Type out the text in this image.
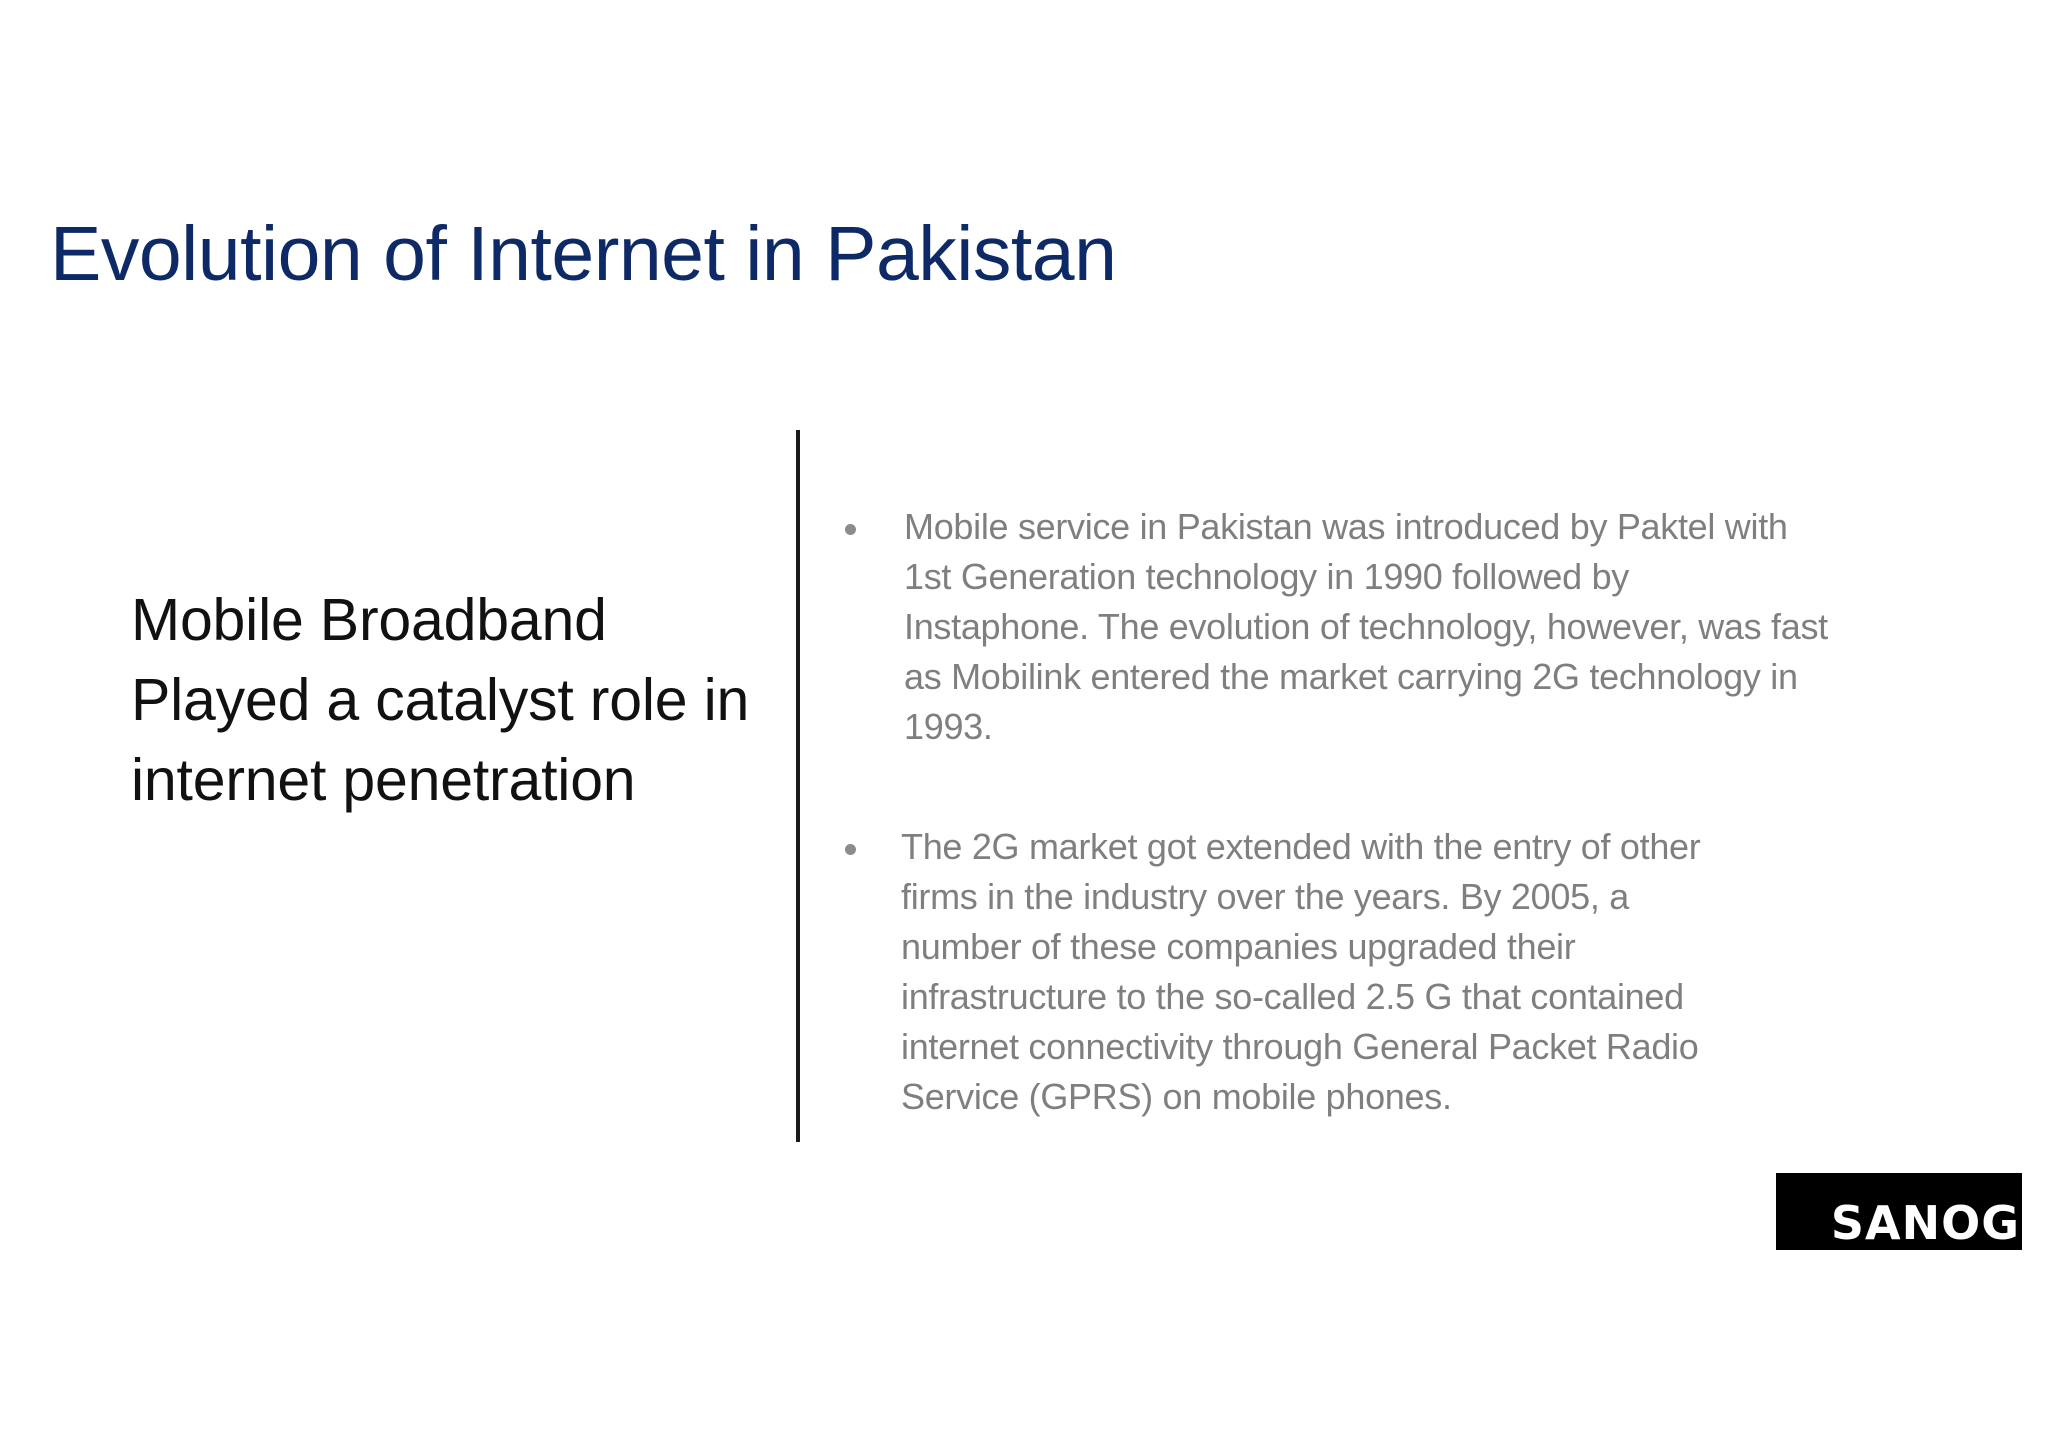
Evolution of Internet in Pakistan
Mobile Broadband
Played a catalyst role in
internet penetration
Mobile service in Pakistan was introduced by Paktel with
1st Generation technology in 1990 followed by
Instaphone. The evolution of technology, however, was fast
as Mobilink entered the market carrying 2G technology in
1993.
The 2G market got extended with the entry of other
firms in the industry over the years. By 2005, a
number of these companies upgraded their
infrastructure to the so-called 2.5 G that contained
internet connectivity through General Packet Radio
Service (GPRS) on mobile phones.
SANOG
